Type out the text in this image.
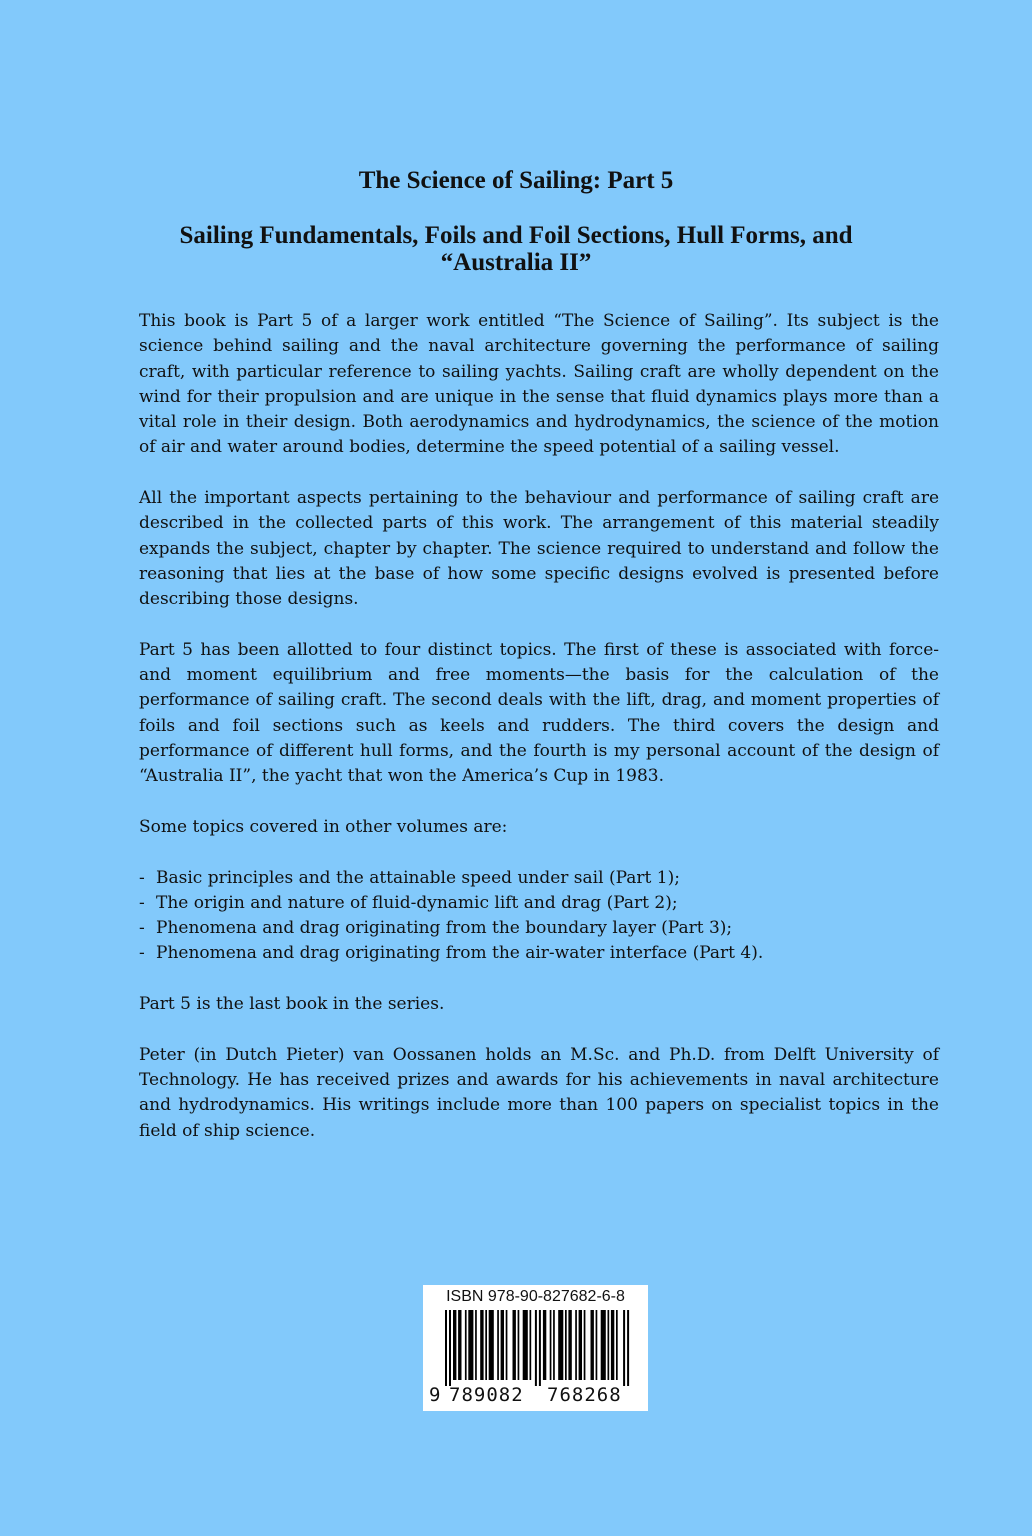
The Science of Sailing: Part 5
Sailing Fundamentals, Foils and Foil Sections, Hull Forms, and
“Australia II”

This book is Part 5 of a larger work entitled “The Science of Sailing”. Its subject is the science behind sailing and the naval architecture governing the performance of sailing craft, with particular reference to sailing yachts. Sailing craft are wholly dependent on the wind for their propulsion and are unique in the sense that fluid dynamics plays more than a vital role in their design. Both aerodynamics and hydrodynamics, the science of the motion of air and water around bodies, determine the speed potential of a sailing vessel.

All the important aspects pertaining to the behaviour and performance of sailing craft are described in the collected parts of this work. The arrangement of this material steadily expands the subject, chapter by chapter. The science required to understand and follow the reasoning that lies at the base of how some specific designs evolved is presented before describing those designs.

Part 5 has been allotted to four distinct topics. The first of these is associated with force- and moment equilibrium and free moments—the basis for the calculation of the performance of sailing craft. The second deals with the lift, drag, and moment properties of foils and foil sections such as keels and rudders. The third covers the design and performance of different hull forms, and the fourth is my personal account of the design of “Australia II”, the yacht that won the America’s Cup in 1983.

Some topics covered in other volumes are:

- Basic principles and the attainable speed under sail (Part 1);
- The origin and nature of fluid-dynamic lift and drag (Part 2);
- Phenomena and drag originating from the boundary layer (Part 3);
- Phenomena and drag originating from the air-water interface (Part 4).

Part 5 is the last book in the series.

Peter (in Dutch Pieter) van Oossanen holds an M.Sc. and Ph.D. from Delft University of Technology. He has received prizes and awards for his achievements in naval architecture and hydrodynamics. His writings include more than 100 papers on specialist topics in the field of ship science.

ISBN 978-90-827682-6-8
9 789082 768268
